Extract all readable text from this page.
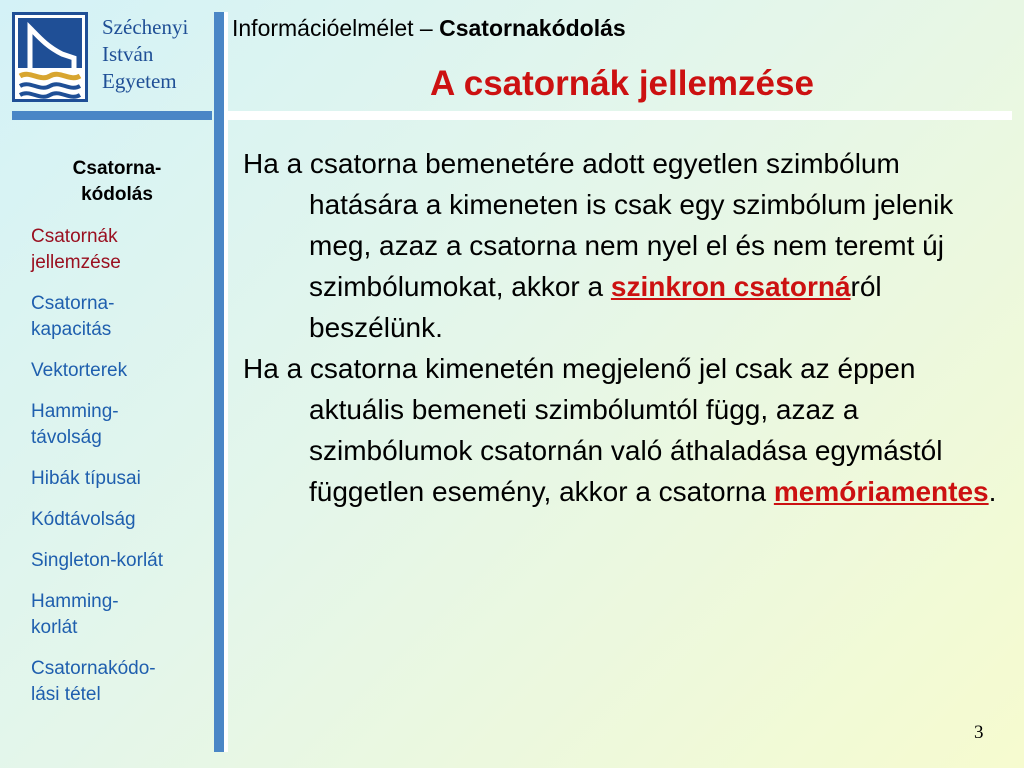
Széchenyi
István
Egyetem
Információelmélet – Csatornakódolás
A csatornák jellemzése
Csatorna-
kódolás
Csatornák
jellemzése
Csatorna-
kapacitás
Vektorterek
Hamming-
távolság
Hibák típusai
Kódtávolság
Singleton-korlát
Hamming-
korlát
Csatornakódo-
lási tétel

Ha a csatorna bemenetére adott egyetlen szimbólum hatására a kimeneten is csak egy szimbólum jelenik meg, azaz a csatorna nem nyel el és nem teremt új szimbólumokat, akkor a szinkron csatornáról beszélünk.

Ha a csatorna kimenetén megjelenő jel csak az éppen aktuális bemeneti szimbólumtól függ, azaz a szimbólumok csatornán való áthaladása egymástól független esemény, akkor a csatorna memóriamentes.

3
